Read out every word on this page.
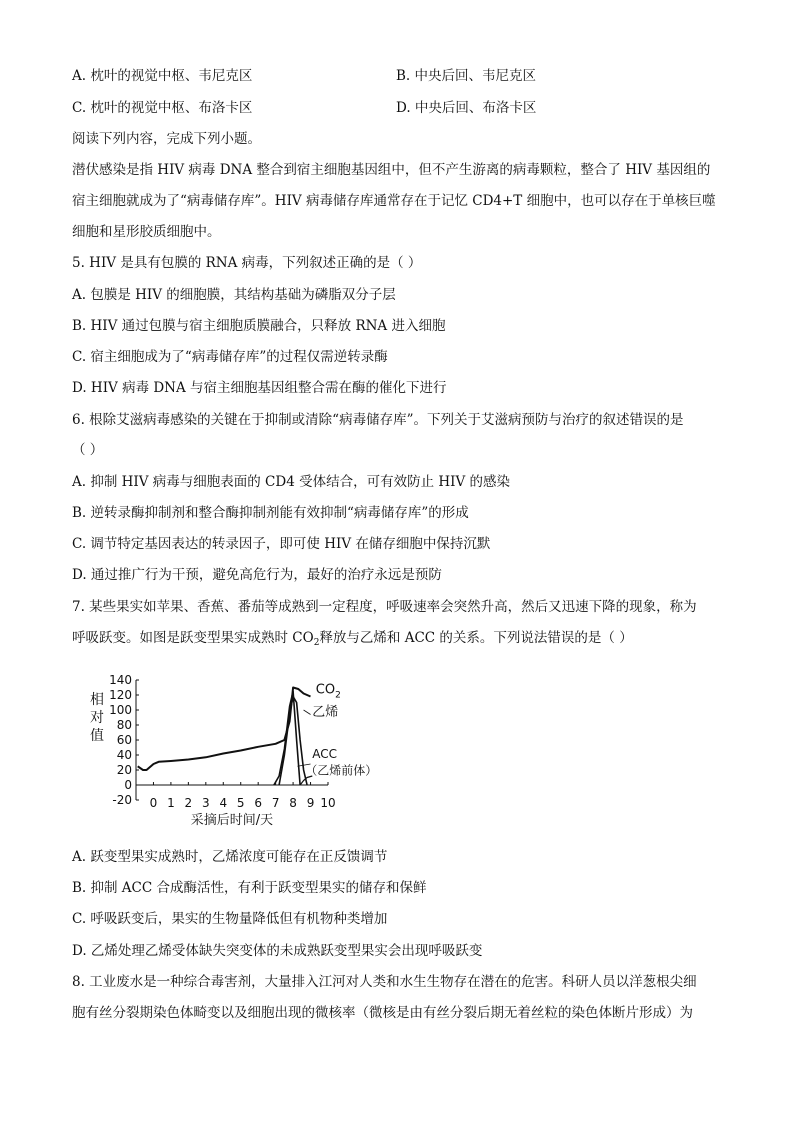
A. 枕叶的视觉中枢、韦尼克区	B. 中央后回、韦尼克区
C. 枕叶的视觉中枢、布洛卡区	D. 中央后回、布洛卡区
阅读下列内容，完成下列小题。
潜伏感染是指 HIV 病毒 DNA 整合到宿主细胞基因组中，但不产生游离的病毒颗粒，整合了 HIV 基因组的
宿主细胞就成为了“病毒储存库”。HIV 病毒储存库通常存在于记忆 CD4+T 细胞中，也可以存在于单核巨噬
细胞和星形胶质细胞中。
5. HIV 是具有包膜的 RNA 病毒，下列叙述正确的是（ ）
A. 包膜是 HIV 的细胞膜，其结构基础为磷脂双分子层
B. HIV 通过包膜与宿主细胞质膜融合，只释放 RNA 进入细胞
C. 宿主细胞成为了“病毒储存库”的过程仅需逆转录酶
D. HIV 病毒 DNA 与宿主细胞基因组整合需在酶的催化下进行
6. 根除艾滋病毒感染的关键在于抑制或清除“病毒储存库”。下列关于艾滋病预防与治疗的叙述错误的是
（ ）
A. 抑制 HIV 病毒与细胞表面的 CD4 受体结合，可有效防止 HIV 的感染
B. 逆转录酶抑制剂和整合酶抑制剂能有效抑制“病毒储存库”的形成
C. 调节特定基因表达的转录因子，即可使 HIV 在储存细胞中保持沉默
D. 通过推广行为干预，避免高危行为，最好的治疗永远是预防
7. 某些果实如苹果、香蕉、番茄等成熟到一定程度，呼吸速率会突然升高，然后又迅速下降的现象，称为
呼吸跃变。如图是跃变型果实成熟时 $CO_2$释放与乙烯和 ACC 的关系。下列说法错误的是（ ）
相
对
值
140
120
100
80
60
40
20
0
-20 0 1 2 3 4 5 6 7 8 9 10
$CO_2$
乙烯
ACC
（乙烯前体）
采摘后时间/天
A. 跃变型果实成熟时，乙烯浓度可能存在正反馈调节
B. 抑制 ACC 合成酶活性，有利于跃变型果实的储存和保鲜
C. 呼吸跃变后，果实的生物量降低但有机物种类增加
D. 乙烯处理乙烯受体缺失突变体的未成熟跃变型果实会出现呼吸跃变
8. 工业废水是一种综合毒害剂，大量排入江河对人类和水生生物存在潜在的危害。科研人员以洋葱根尖细
胞有丝分裂期染色体畸变以及细胞出现的微核率（微核是由有丝分裂后期无着丝粒的染色体断片形成）为
